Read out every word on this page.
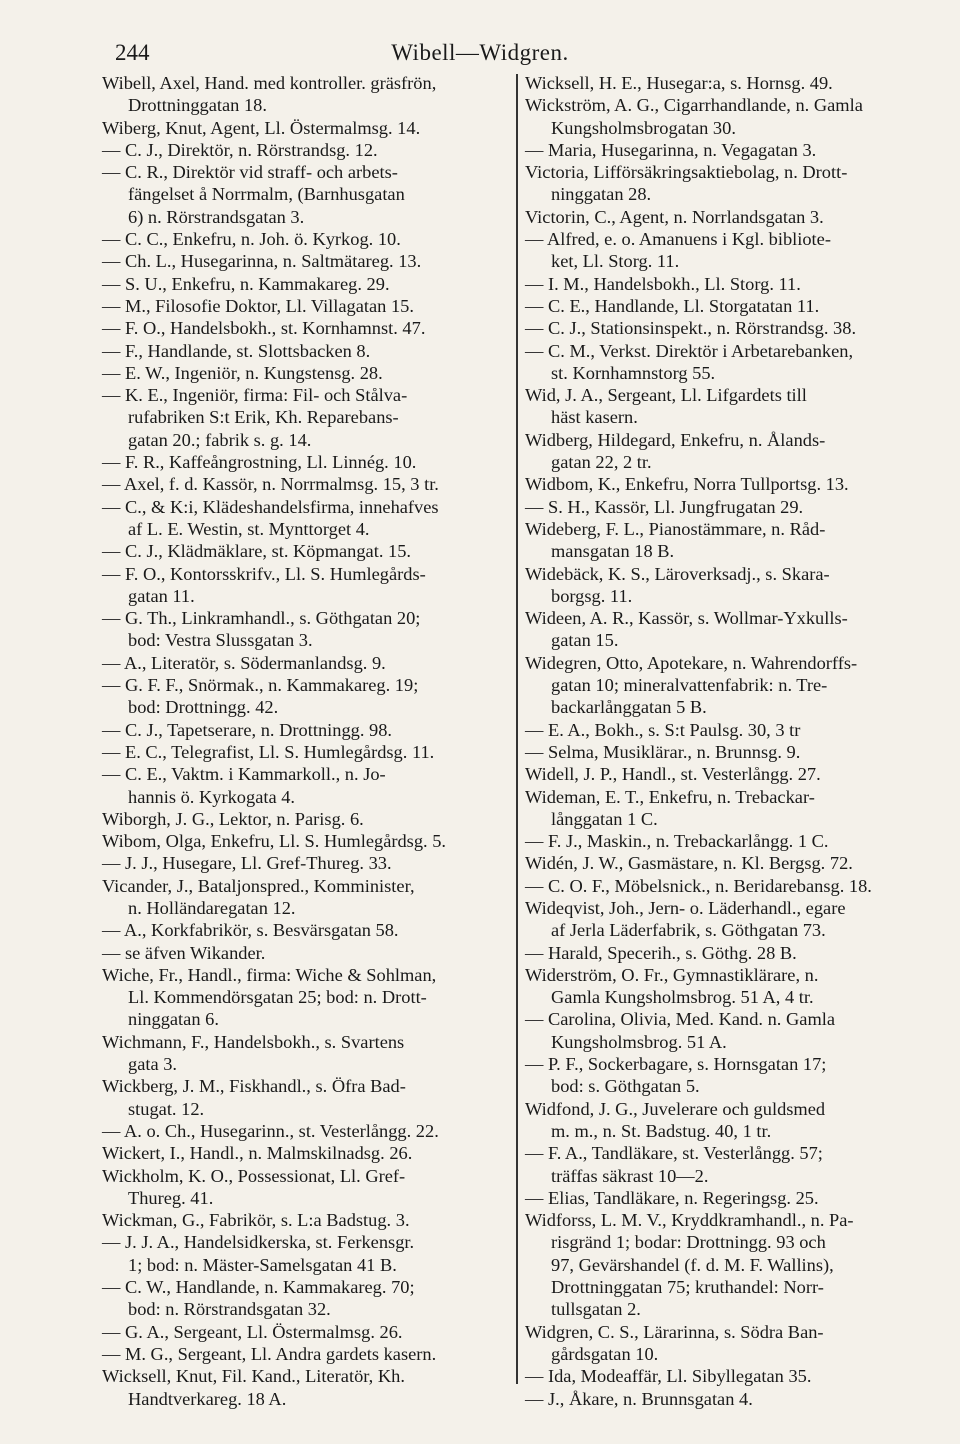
244	Wibell—Widgren.
Wibell, Axel, Hand. med kontroller. gräsfrön,
Drottninggatan 18.
Wiberg, Knut, Agent, Ll. Östermalmsg. 14.
— C. J., Direktör, n. Rörstrandsg. 12.
— C. R., Direktör vid straff- och arbets-
fängelset å Norrmalm, (Barnhusgatan
6) n. Rörstrandsgatan 3.
— C. C., Enkefru, n. Joh. ö. Kyrkog. 10.
— Ch. L., Husegarinna, n. Saltmätareg. 13.
— S. U., Enkefru, n. Kammakareg. 29.
— M., Filosofie Doktor, Ll. Villagatan 15.
— F. O., Handelsbokh., st. Kornhamnst. 47.
— F., Handlande, st. Slottsbacken 8.
— E. W., Ingeniör, n. Kungstensg. 28.
— K. E., Ingeniör, firma: Fil- och Stålva-
rufabriken S:t Erik, Kh. Reparebans-
gatan 20.; fabrik s. g. 14.
— F. R., Kaffeångrostning, Ll. Linnég. 10.
— Axel, f. d. Kassör, n. Norrmalmsg. 15, 3 tr.
— C., & K:i, Klädeshandelsfirma, innehafves
af L. E. Westin, st. Mynttorget 4.
— C. J., Klädmäklare, st. Köpmangat. 15.
— F. O., Kontorsskrifv., Ll. S. Humlegårds-
gatan 11.
— G. Th., Linkramhandl., s. Göthgatan 20;
bod: Vestra Slussgatan 3.
— A., Literatör, s. Södermanlandsg. 9.
— G. F. F., Snörmak., n. Kammakareg. 19;
bod: Drottningg. 42.
— C. J., Tapetserare, n. Drottningg. 98.
— E. C., Telegrafist, Ll. S. Humlegårdsg. 11.
— C. E., Vaktm. i Kammarkoll., n. Jo-
hannis ö. Kyrkogata 4.
Wiborgh, J. G., Lektor, n. Parisg. 6.
Wibom, Olga, Enkefru, Ll. S. Humlegårdsg. 5.
— J. J., Husegare, Ll. Gref-Thureg. 33.
Vicander, J., Bataljonspred., Komminister,
n. Holländaregatan 12.
— A., Korkfabrikör, s. Besvärsgatan 58.
— se äfven Wikander.
Wiche, Fr., Handl., firma: Wiche & Sohlman,
Ll. Kommendörsgatan 25; bod: n. Drott-
ninggatan 6.
Wichmann, F., Handelsbokh., s. Svartens
gata 3.
Wickberg, J. M., Fiskhandl., s. Öfra Bad-
stugat. 12.
— A. o. Ch., Husegarinn., st. Vesterlångg. 22.
Wickert, I., Handl., n. Malmskilnadsg. 26.
Wickholm, K. O., Possessionat, Ll. Gref-
Thureg. 41.
Wickman, G., Fabrikör, s. L:a Badstug. 3.
— J. J. A., Handelsidkerska, st. Ferkensgr.
1; bod: n. Mäster-Samelsgatan 41 B.
— C. W., Handlande, n. Kammakareg. 70;
bod: n. Rörstrandsgatan 32.
— G. A., Sergeant, Ll. Östermalmsg. 26.
— M. G., Sergeant, Ll. Andra gardets kasern.
Wicksell, Knut, Fil. Kand., Literatör, Kh.
Handtverkareg. 18 A.
Wicksell, H. E., Husegar:a, s. Hornsg. 49.
Wickström, A. G., Cigarrhandlande, n. Gamla
Kungsholmsbrogatan 30.
— Maria, Husegarinna, n. Vegagatan 3.
Victoria, Lifförsäkringsaktiebolag, n. Drott-
ninggatan 28.
Victorin, C., Agent, n. Norrlandsgatan 3.
— Alfred, e. o. Amanuens i Kgl. bibliote-
ket, Ll. Storg. 11.
— I. M., Handelsbokh., Ll. Storg. 11.
— C. E., Handlande, Ll. Storgatatan 11.
— C. J., Stationsinspekt., n. Rörstrandsg. 38.
— C. M., Verkst. Direktör i Arbetarebanken,
st. Kornhamnstorg 55.
Wid, J. A., Sergeant, Ll. Lifgardets till
häst kasern.
Widberg, Hildegard, Enkefru, n. Ålands-
gatan 22, 2 tr.
Widbom, K., Enkefru, Norra Tullportsg. 13.
— S. H., Kassör, Ll. Jungfrugatan 29.
Wideberg, F. L., Pianostämmare, n. Råd-
mansgatan 18 B.
Widebäck, K. S., Läroverksadj., s. Skara-
borgsg. 11.
Wideen, A. R., Kassör, s. Wollmar-Yxkulls-
gatan 15.
Widegren, Otto, Apotekare, n. Wahrendorffs-
gatan 10; mineralvattenfabrik: n. Tre-
backarlånggatan 5 B.
— E. A., Bokh., s. S:t Paulsg. 30, 3 tr
— Selma, Musiklärar., n. Brunnsg. 9.
Widell, J. P., Handl., st. Vesterlångg. 27.
Wideman, E. T., Enkefru, n. Trebackar-
långgatan 1 C.
— F. J., Maskin., n. Trebackarlångg. 1 C.
Widén, J. W., Gasmästare, n. Kl. Bergsg. 72.
— C. O. F., Möbelsnick., n. Beridarebansg. 18.
Wideqvist, Joh., Jern- o. Läderhandl., egare
af Jerla Läderfabrik, s. Göthgatan 73.
— Harald, Specerih., s. Göthg. 28 B.
Widerström, O. Fr., Gymnastiklärare, n.
Gamla Kungsholmsbrog. 51 A, 4 tr.
— Carolina, Olivia, Med. Kand. n. Gamla
Kungsholmsbrog. 51 A.
— P. F., Sockerbagare, s. Hornsgatan 17;
bod: s. Göthgatan 5.
Widfond, J. G., Juvelerare och guldsmed
m. m., n. St. Badstug. 40, 1 tr.
— F. A., Tandläkare, st. Vesterlångg. 57;
träffas säkrast 10—2.
— Elias, Tandläkare, n. Regeringsg. 25.
Widforss, L. M. V., Kryddkramhandl., n. Pa-
risgränd 1; bodar: Drottningg. 93 och
97, Gevärshandel (f. d. M. F. Wallins),
Drottninggatan 75; kruthandel: Norr-
tullsgatan 2.
Widgren, C. S., Lärarinna, s. Södra Ban-
gårdsgatan 10.
— Ida, Modeaffär, Ll. Sibyllegatan 35.
— J., Åkare, n. Brunnsgatan 4.
